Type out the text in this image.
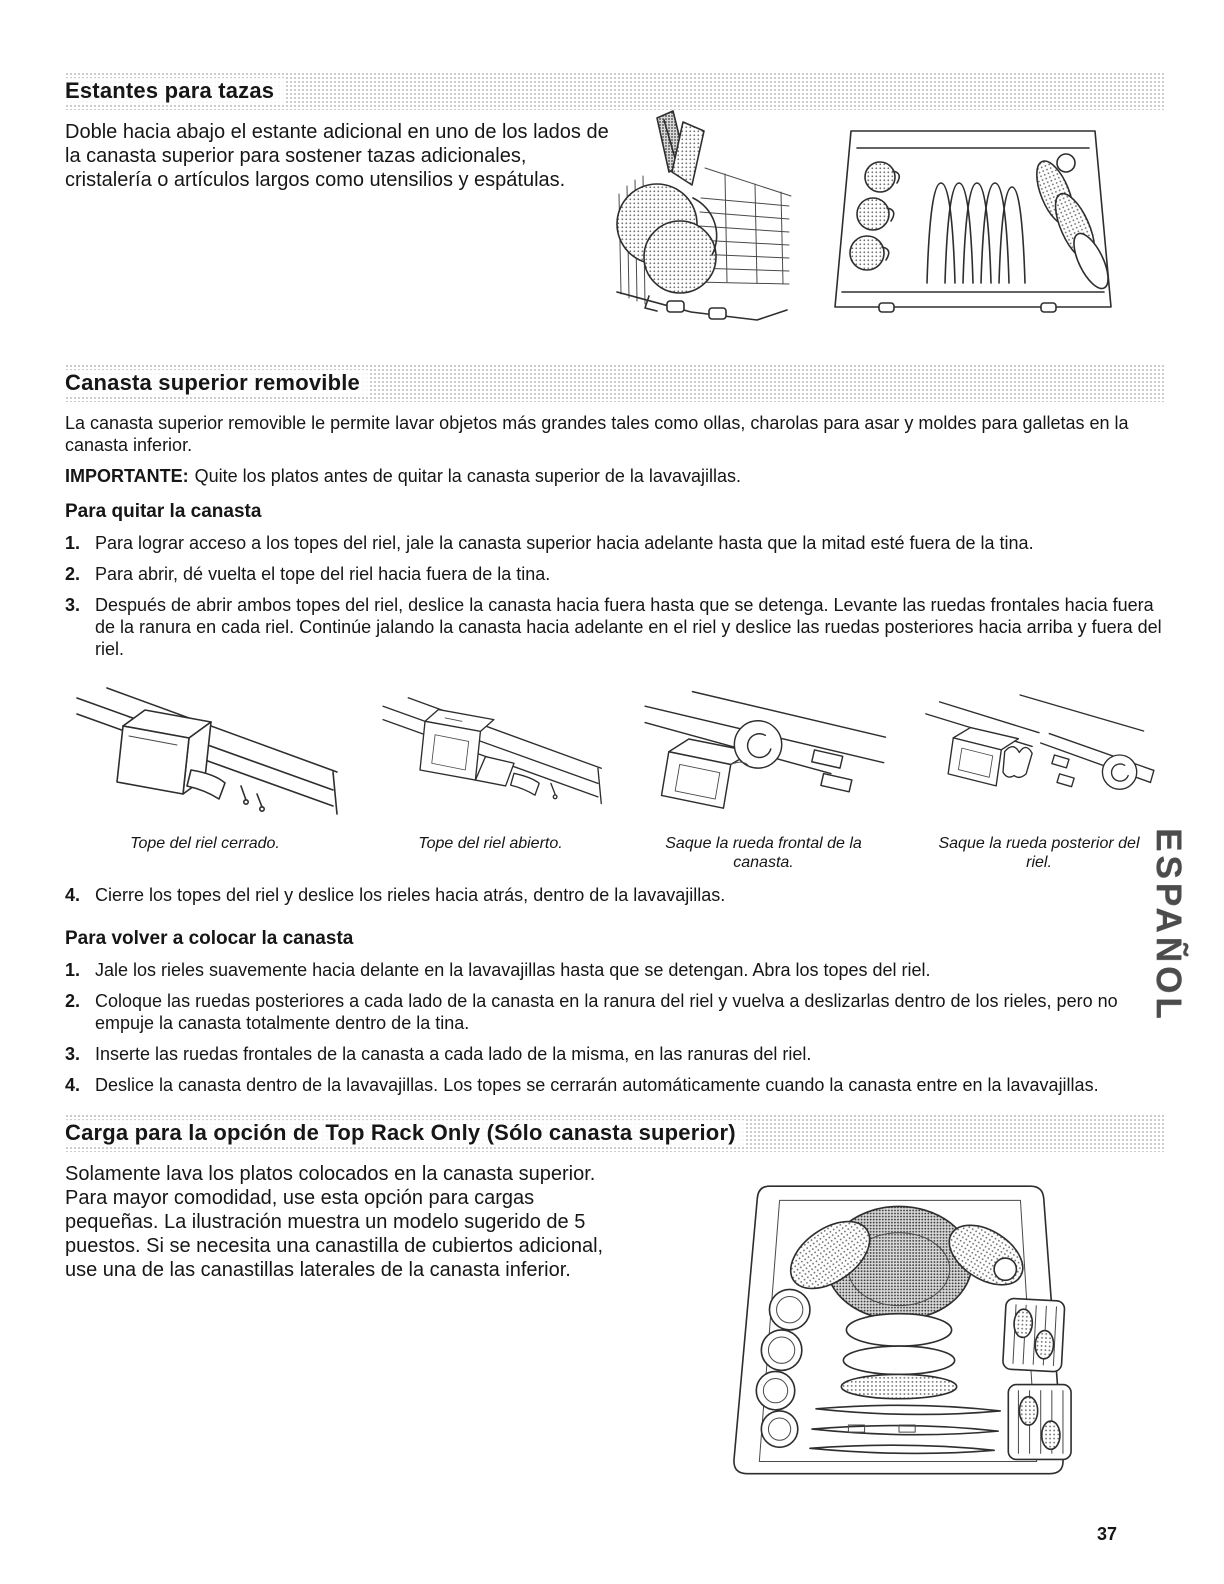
Estantes para tazas

Doble hacia abajo el estante adicional en uno de los lados de la canasta superior para sostener tazas adicionales, cristalería o artículos largos como utensilios y espátulas.

Canasta superior removible

La canasta superior removible le permite lavar objetos más grandes tales como ollas, charolas para asar y moldes para galletas en la canasta inferior.

IMPORTANTE: Quite los platos antes de quitar la canasta superior de la lavavajillas.

Para quitar la canasta
1. Para lograr acceso a los topes del riel, jale la canasta superior hacia adelante hasta que la mitad esté fuera de la tina.
2. Para abrir, dé vuelta el tope del riel hacia fuera de la tina.
3. Después de abrir ambos topes del riel, deslice la canasta hacia fuera hasta que se detenga. Levante las ruedas frontales hacia fuera de la ranura en cada riel. Continúe jalando la canasta hacia adelante en el riel y deslice las ruedas posteriores hacia arriba y fuera del riel.
Tope del riel cerrado.	Tope del riel abierto.	Saque la rueda frontal de la canasta.
Saque la rueda posterior del riel.
4. Cierre los topes del riel y deslice los rieles hacia atrás, dentro de la lavavajillas.
Para volver a colocar la canasta
1. Jale los rieles suavemente hacia delante en la lavavajillas hasta que se detengan. Abra los topes del riel.
2. Coloque las ruedas posteriores a cada lado de la canasta en la ranura del riel y vuelva a deslizarlas dentro de los rieles, pero no empuje la canasta totalmente dentro de la tina.
3. Inserte las ruedas frontales de la canasta a cada lado de la misma, en las ranuras del riel.
4. Deslice la canasta dentro de la lavavajillas. Los topes se cerrarán automáticamente cuando la canasta entre en la lavavajillas.
Carga para la opción de Top Rack Only (Sólo canasta superior)

Solamente lava los platos colocados en la canasta superior. Para mayor comodidad, use esta opción para cargas pequeñas. La ilustración muestra un modelo sugerido de 5 puestos. Si se necesita una canastilla de cubiertos adicional, use una de las canastillas laterales de la canasta inferior.

ESPAÑOL
37
